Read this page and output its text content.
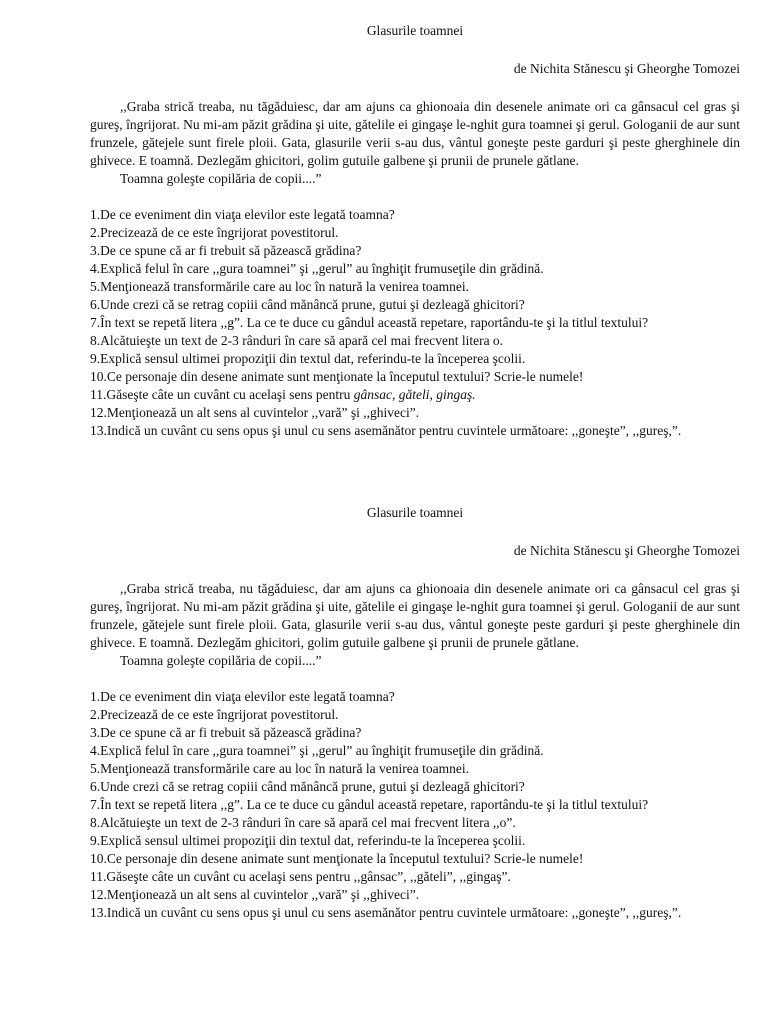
Glasurile toamnei
de Nichita Stănescu şi Gheorghe Tomozei
,,Graba strică treaba, nu tăgăduiesc, dar am ajuns ca ghionoaia din desenele animate ori ca gânsacul cel gras şi gureş, îngrijorat. Nu mi-am păzit grădina şi uite, gătelile ei gingaşe le-nghit gura toamnei şi gerul. Gologanii de aur sunt frunzele, gătejele sunt firele ploii. Gata, glasurile verii s-au dus, vântul goneşte peste garduri şi peste gherghinele din ghivece. E toamnă. Dezlegăm ghicitori, golim gutuile galbene şi prunii de prunele gătlane.
Toamna goleşte copilăria de copii....”

1.De ce eveniment din viaţa elevilor este legată toamna?

2.Precizează de ce este îngrijorat povestitorul.

3.De ce spune că ar fi trebuit să păzească grădina?

4.Explică felul în care ,,gura toamnei” şi ,,gerul” au înghiţit frumuseţile din grădină.

5.Menţionează transformările care au loc în natură la venirea toamnei.

6.Unde crezi că se retrag copiii când mănâncă prune, gutui şi dezleagă ghicitori?

7.În text se repetă litera ,,g”. La ce te duce cu gândul această repetare, raportându-te şi la titlul textului?

8.Alcătuieşte un text de 2-3 rânduri în care să apară cel mai frecvent litera o.

9.Explică sensul ultimei propoziţii din textul dat, referindu-te la începerea şcolii.

10.Ce personaje din desene animate sunt menţionate la începutul textului? Scrie-le numele!

11.Găseşte câte un cuvânt cu acelaşi sens pentru gânsac, găteli, gingaş.

12.Menţionează un alt sens al cuvintelor ,,vară” şi ,,ghiveci”.

13.Indică un cuvânt cu sens opus şi unul cu sens asemănător pentru cuvintele următoare: ,,goneşte”, ,,gureş,”.

Glasurile toamnei
de Nichita Stănescu şi Gheorghe Tomozei
,,Graba strică treaba, nu tăgăduiesc, dar am ajuns ca ghionoaia din desenele animate ori ca gânsacul cel gras şi gureş, îngrijorat. Nu mi-am păzit grădina şi uite, gătelile ei gingaşe le-nghit gura toamnei şi gerul. Gologanii de aur sunt frunzele, gătejele sunt firele ploii. Gata, glasurile verii s-au dus, vântul goneşte peste garduri şi peste gherghinele din ghivece. E toamnă. Dezlegăm ghicitori, golim gutuile galbene şi prunii de prunele gătlane.
Toamna goleşte copilăria de copii....”

1.De ce eveniment din viaţa elevilor este legată toamna?

2.Precizează de ce este îngrijorat povestitorul.

3.De ce spune că ar fi trebuit să păzească grădina?

4.Explică felul în care ,,gura toamnei” şi ,,gerul” au înghiţit frumuseţile din grădină.

5.Menţionează transformările care au loc în natură la venirea toamnei.

6.Unde crezi că se retrag copiii când mănâncă prune, gutui şi dezleagă ghicitori?

7.În text se repetă litera ,,g”. La ce te duce cu gândul această repetare, raportându-te şi la titlul textului?

8.Alcătuieşte un text de 2-3 rânduri în care să apară cel mai frecvent litera ,,o”.

9.Explică sensul ultimei propoziţii din textul dat, referindu-te la începerea şcolii.

10.Ce personaje din desene animate sunt menţionate la începutul textului? Scrie-le numele!

11.Găseşte câte un cuvânt cu acelaşi sens pentru ,,gânsac”, ,,găteli”, ,,gingaş”.

12.Menţionează un alt sens al cuvintelor ,,vară” şi ,,ghiveci”.

13.Indică un cuvânt cu sens opus şi unul cu sens asemănător pentru cuvintele următoare: ,,goneşte”, ,,gureş,”.
